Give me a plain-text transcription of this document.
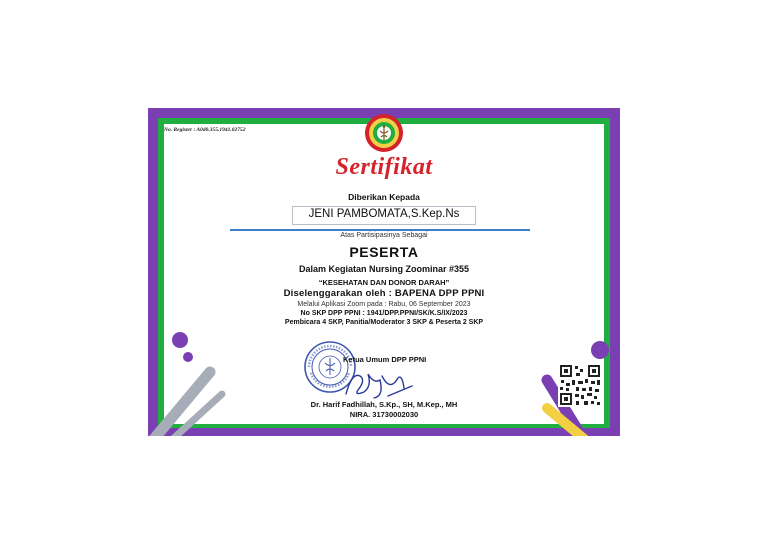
No. Register : A0d0.355.1941.02752
Sertifikat
Diberikan Kepada
JENI PAMBOMATA,S.Kep.Ns
Atas Partisipasinya Sebagai
PESERTA
Dalam Kegiatan Nursing Zoominar #355
“KESEHATAN DAN DONOR DARAH”
Diselenggarakan oleh : BAPENA DPP PPNI
Melalui Aplikasi Zoom pada : Rabu, 06 September 2023
No SKP DPP PPNI : 1941/DPP.PPNI/SK/K.S/IX/2023
Pembicara 4 SKP, Panitia/Moderator 3 SKP & Peserta 2 SKP
Ketua Umum DPP PPNI
Dr. Harif Fadhillah, S.Kp., SH, M.Kep., MH
NIRA. 31730002030
